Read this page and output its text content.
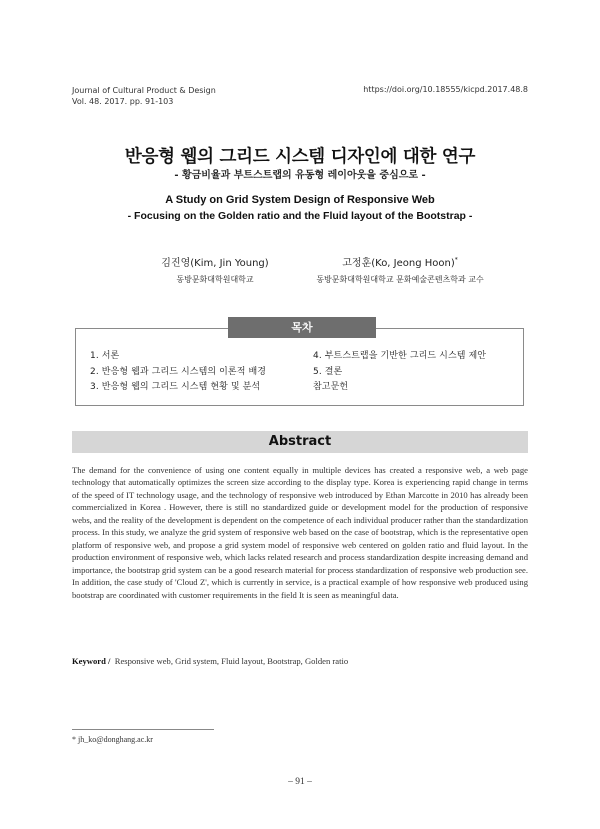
Journal of Cultural Product & Design
Vol. 48. 2017. pp. 91-103
https://doi.org/10.18555/kicpd.2017.48.8
반응형 웹의 그리드 시스템 디자인에 대한 연구
- 황금비율과 부트스트랩의 유동형 레이아웃을 중심으로 -
A Study on Grid System Design of Responsive Web
- Focusing on the Golden ratio and the Fluid layout of the Bootstrap -
김진영(Kim, Jin Young)
동방문화대학원대학교
고정훈(Ko, Jeong Hoon)*
동방문화대학원대학교 문화예술콘텐츠학과 교수
목차
1. 서론
2. 반응형 웹과 그리드 시스템의 이론적 배경
3. 반응형 웹의 그리드 시스템 현황 및 분석
4. 부트스트랩을 기반한 그리드 시스템 제안
5. 결론
참고문헌
Abstract
The demand for the convenience of using one content equally in multiple devices has created a responsive web, a web page technology that automatically optimizes the screen size according to the display type. Korea is experiencing rapid change in terms of the speed of IT technology usage, and the technology of responsive web introduced by Ethan Marcotte in 2010 has already been commercialized in Korea . However, there is still no standardized guide or development model for the production of responsive webs, and the reality of the development is dependent on the competence of each individual producer rather than the standardization process. In this study, we analyze the grid system of responsive web based on the case of bootstrap, which is the representative open platform of responsive web, and propose a grid system model of responsive web centered on golden ratio and fluid layout. In the production environment of responsive web, which lacks related research and process standardization despite increasing demand and importance, the bootstrap grid system can be a good research material for process standardization of responsive web production see. In addition, the case study of 'Cloud Z', which is currently in service, is a practical example of how responsive web produced using bootstrap are coordinated with customer requirements in the field It is seen as meaningful data.
Keyword / Responsive web, Grid system, Fluid layout, Bootstrap, Golden ratio
* jh_ko@donghang.ac.kr
– 91 –
